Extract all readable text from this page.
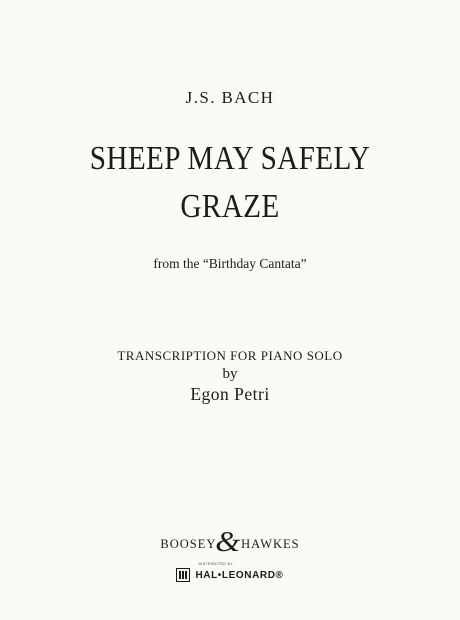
J.S. BACH
SHEEP MAY SAFELY
GRAZE
from the “Birthday Cantata”
TRANSCRIPTION FOR PIANO SOLO
by
Egon Petri
BOOSEY & HAWKES
DISTRIBUTED BY
HAL•LEONARD®
